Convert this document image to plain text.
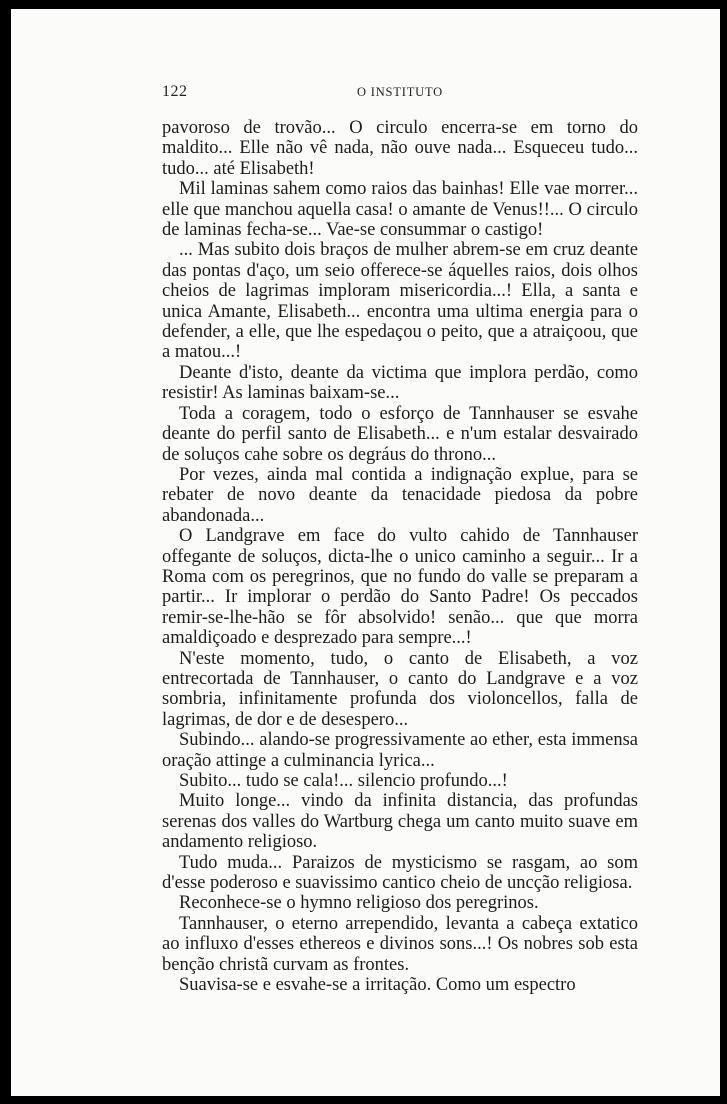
122	O INSTITUTO

pavoroso de trovão... O circulo encerra-se em torno do maldito... Elle não vê nada, não ouve nada... Esqueceu tudo... tudo... até Elisabeth!

Mil laminas sahem como raios das bainhas! Elle vae morrer... elle que manchou aquella casa! o amante de Venus!!... O circulo de laminas fecha-se... Vae-se consummar o castigo!

... Mas subito dois braços de mulher abrem-se em cruz deante das pontas d'aço, um seio offerece-se áquelles raios, dois olhos cheios de lagrimas imploram misericordia...! Ella, a santa e unica Amante, Elisabeth... encontra uma ultima energia para o defender, a elle, que lhe espedaçou o peito, que a atraiçoou, que a matou...!

Deante d'isto, deante da victima que implora perdão, como resistir! As laminas baixam-se...

Toda a coragem, todo o esforço de Tannhauser se esvahe deante do perfil santo de Elisabeth... e n'um estalar desvairado de soluços cahe sobre os degráus do throno...

Por vezes, ainda mal contida a indignação explue, para se rebater de novo deante da tenacidade piedosa da pobre abandonada...

O Landgrave em face do vulto cahido de Tannhauser offegante de soluços, dicta-lhe o unico caminho a seguir... Ir a Roma com os peregrinos, que no fundo do valle se preparam a partir... Ir implorar o perdão do Santo Padre! Os peccados remir-se-lhe-hão se fôr absolvido! senão... que que morra amaldiçoado e desprezado para sempre...!

N'este momento, tudo, o canto de Elisabeth, a voz entrecortada de Tannhauser, o canto do Landgrave e a voz sombria, infinitamente profunda dos violoncellos, falla de lagrimas, de dor e de desespero...

Subindo... alando-se progressivamente ao ether, esta immensa oração attinge a culminancia lyrica...

Subito... tudo se cala!... silencio profundo...!

Muito longe... vindo da infinita distancia, das profundas serenas dos valles do Wartburg chega um canto muito suave em andamento religioso.

Tudo muda... Paraizos de mysticismo se rasgam, ao som d'esse poderoso e suavissimo cantico cheio de uncção religiosa.

Reconhece-se o hymno religioso dos peregrinos.

Tannhauser, o eterno arrependido, levanta a cabeça extatico ao influxo d'esses ethereos e divinos sons...! Os nobres sob esta benção christã curvam as frontes.

Suavisa-se e esvahe-se a irritação. Como um espectro
